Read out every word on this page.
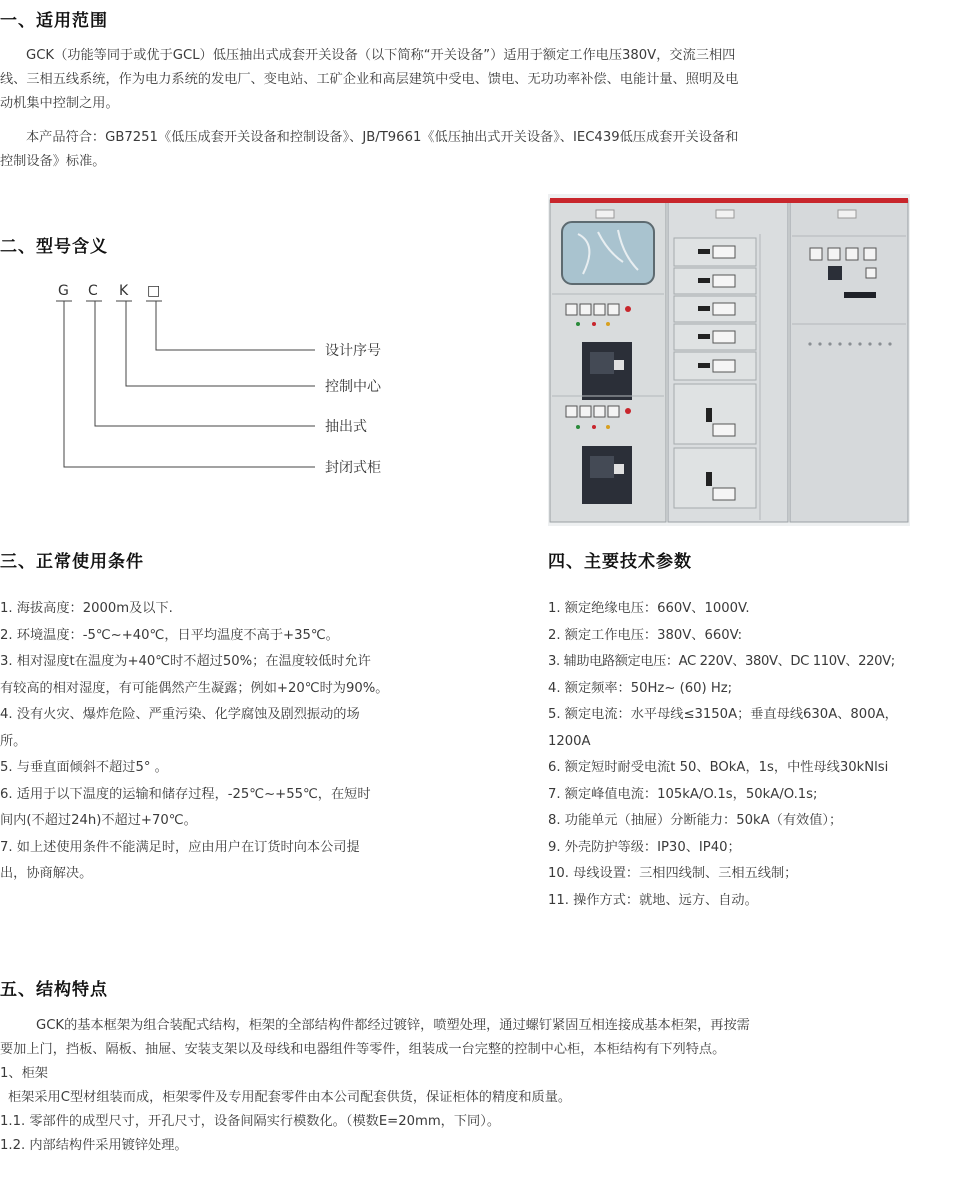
一、适用范围
GCK（功能等同于或优于GCL）低压抽出式成套开关设备（以下简称“开关设备”）适用于额定工作电压380V，交流三相四
线、三相五线系统，作为电力系统的发电厂、变电站、工矿企业和高层建筑中受电、馈电、无功功率补偿、电能计量、照明及电
动机集中控制之用。
本产品符合：GB7251《低压成套开关设备和控制设备》、JB/T9661《低压抽出式开关设备》、IEC439低压成套开关设备和
控制设备》标准。
二、型号含义
G C K □
设计序号
控制中心
抽出式
封闭式柜
三、正常使用条件
1. 海拔高度：2000m及以下.
2. 环境温度：-5℃~+40℃，日平均温度不高于+35℃。
3. 相对湿度t在温度为+40℃时不超过50%；在温度较低时允许
有较高的相对湿度，有可能偶然产生凝露；例如+20℃时为90%。
4. 没有火灾、爆炸危险、严重污染、化学腐蚀及剧烈振动的场
所。
5. 与垂直面倾斜不超过5° 。
6. 适用于以下温度的运输和储存过程，-25℃~+55℃，在短时
间内(不超过24h)不超过+70℃。
7. 如上述使用条件不能满足时，应由用户在订货时向本公司提
出，协商解决。
四、主要技术参数
1. 额定绝缘电压：660V、1000V.
2. 额定工作电压：380V、660V:
3. 辅助电路额定电压：AC 220V、380V、DC 110V、220V;
4. 额定频率：50Hz~ (60) Hz;
5. 额定电流：水平母线≤3150A；垂直母线630A、800A，
1200A
6. 额定短时耐受电流t 50、BOkA，1s，中性母线30kNlsi
7. 额定峰值电流：105kA/O.1s，50kA/O.1s;
8. 功能单元（抽屉）分断能力：50kA（有效值）；
9. 外壳防护等级：IP30、IP40；
10. 母线设置：三相四线制、三相五线制；
11. 操作方式：就地、远方、自动。
五、结构特点
GCK的基本框架为组合装配式结构，柜架的全部结构件都经过镀锌，喷塑处理，通过螺钉紧固互相连接成基本柜架，再按需
要加上门，挡板、隔板、抽屉、安装支架以及母线和电器组件等零件，组装成一台完整的控制中心柜，本柜结构有下列特点。
1、柜架
柜架采用C型材组装而成，柜架零件及专用配套零件由本公司配套供货，保证柜体的精度和质量。
1.1. 零部件的成型尺寸，开孔尺寸，设备间隔实行模数化。（模数E=20mm，下同）。
1.2. 内部结构件采用镀锌处理。
